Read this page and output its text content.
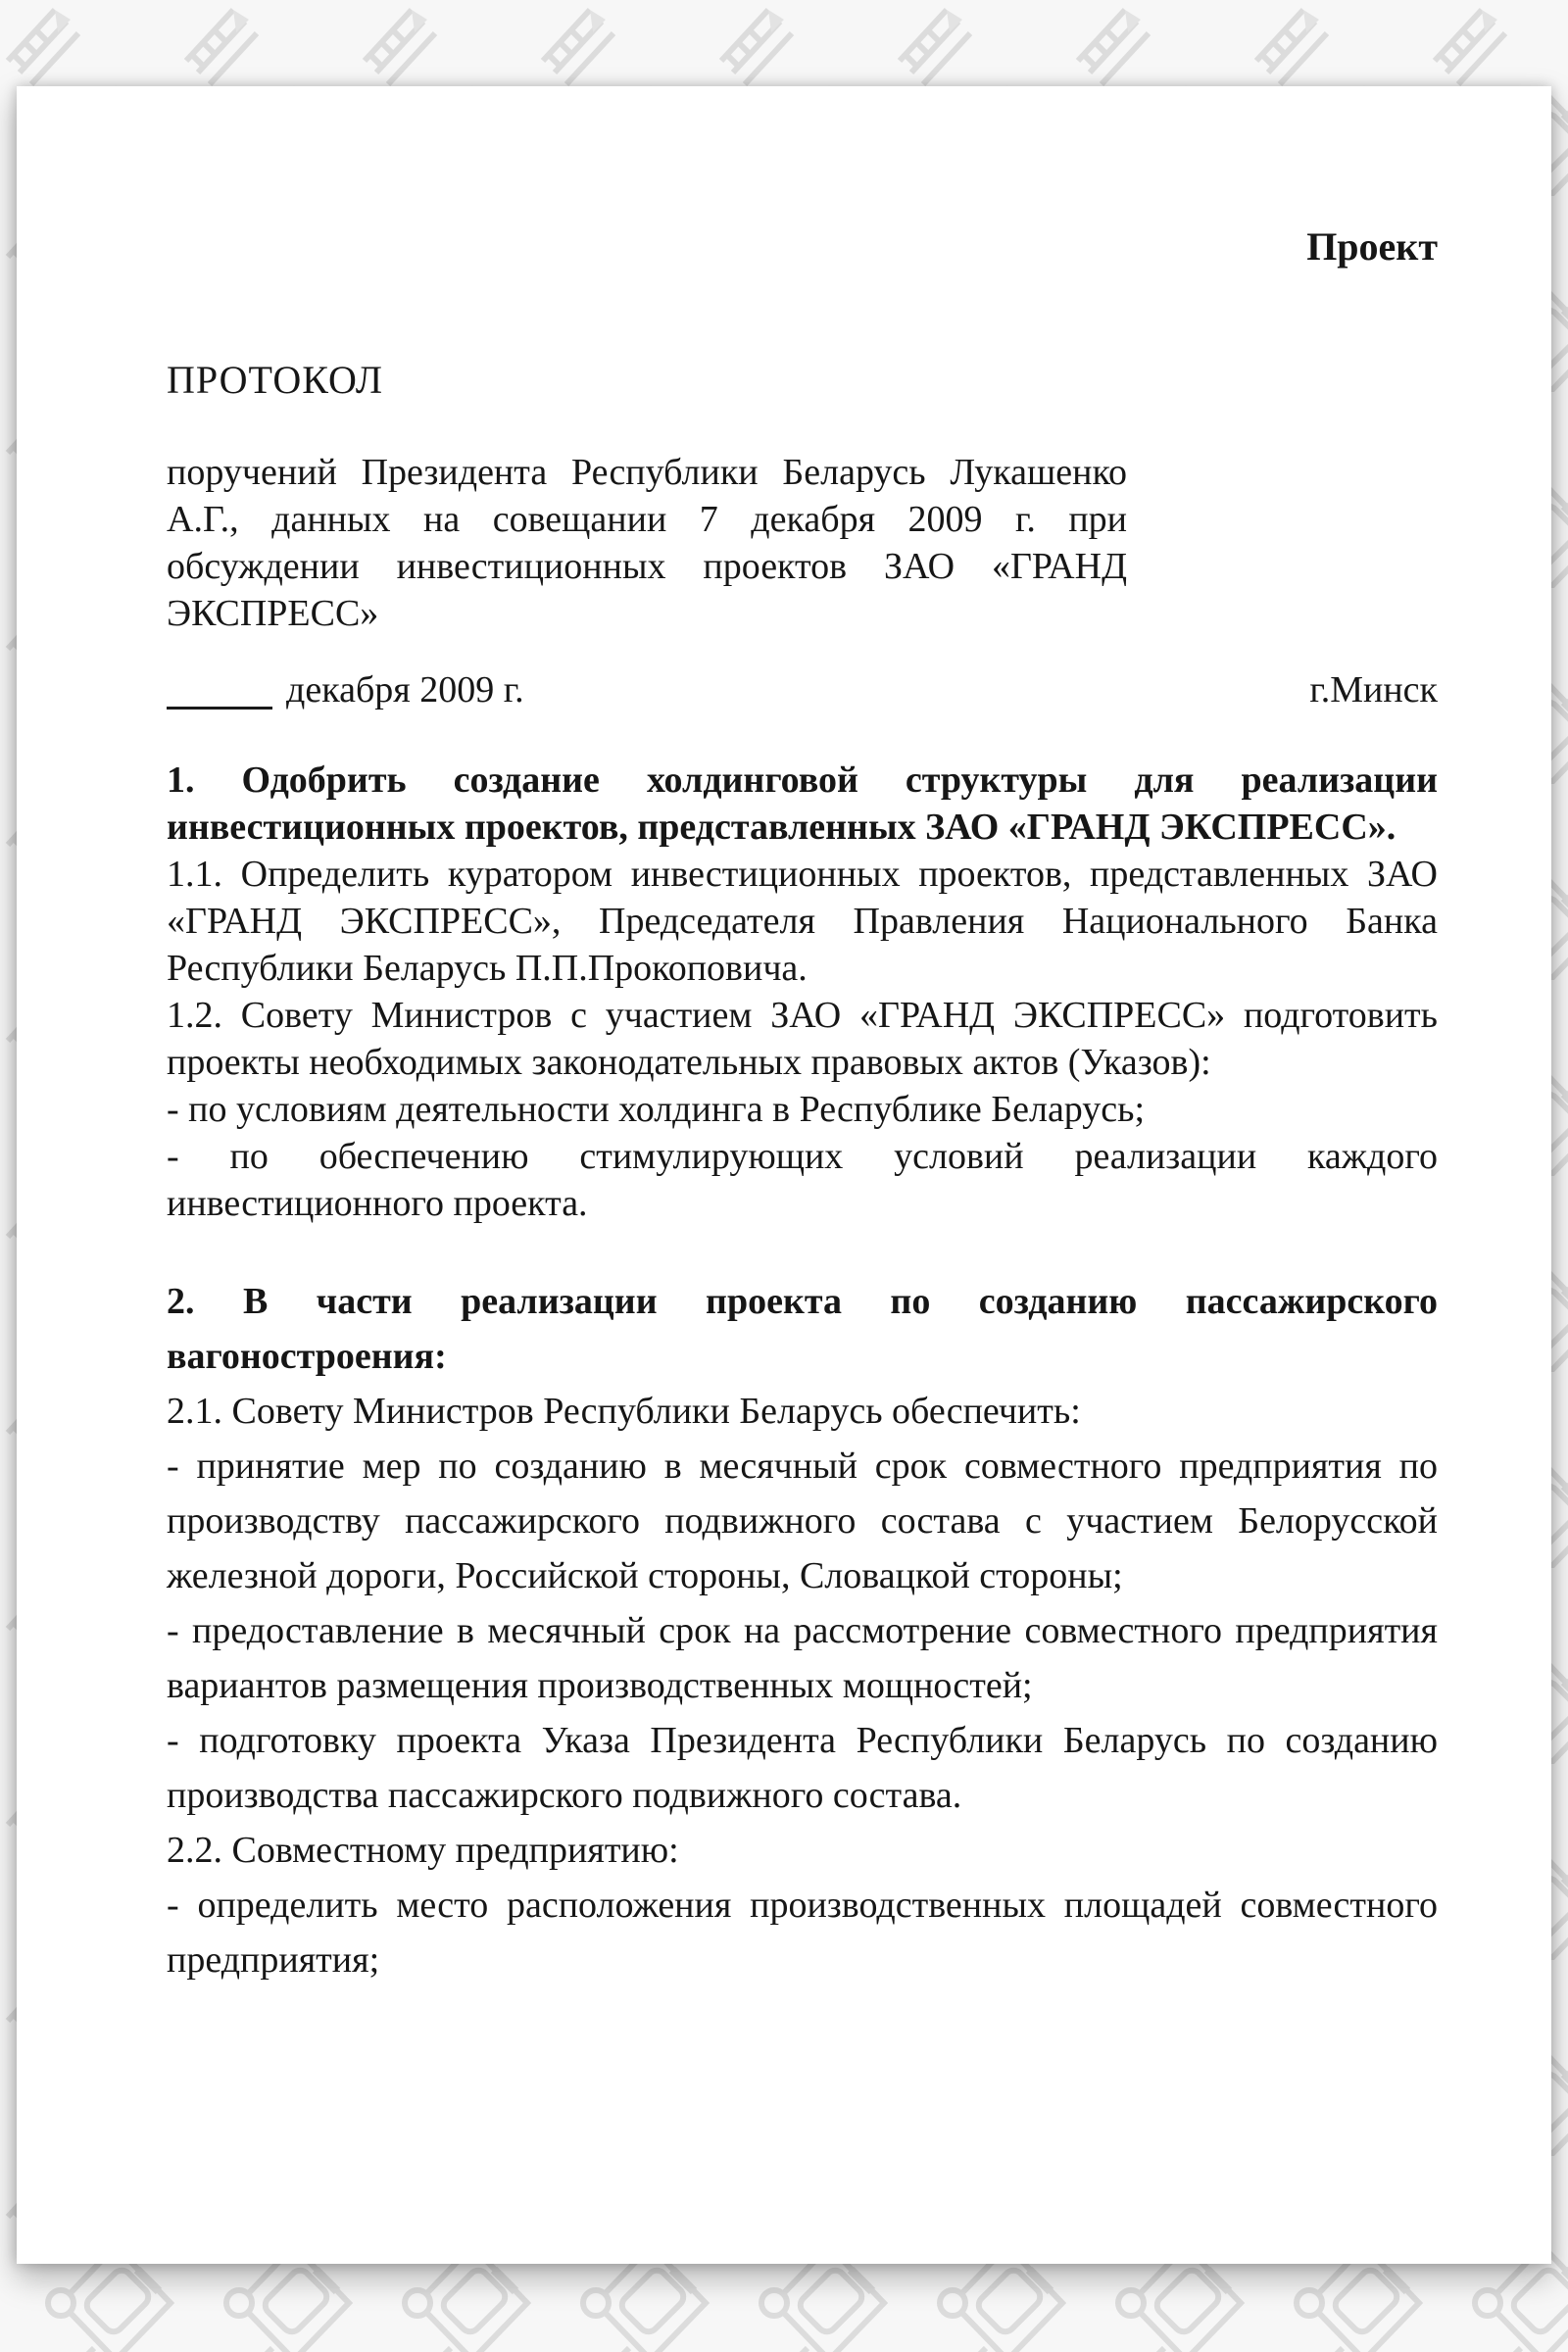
Проект
ПРОТОКОЛ

поручений Президента Республики Беларусь Лукашенко А.Г., данных на совещании 7 декабря 2009 г. при обсуждении инвестиционных проектов ЗАО «ГРАНД ЭКСПРЕСС»

декабря 2009 г.	г.Минск

1. Одобрить создание холдинговой структуры для реализации инвестиционных проектов, представленных ЗАО «ГРАНД ЭКСПРЕСС».

1.1. Определить куратором инвестиционных проектов, представленных ЗАО «ГРАНД ЭКСПРЕСС», Председателя Правления Национального Банка Республики Беларусь П.П.Прокоповича.

1.2. Совету Министров с участием ЗАО «ГРАНД ЭКСПРЕСС» подготовить проекты необходимых законодательных правовых актов (Указов):

- по условиям деятельности холдинга в Республике Беларусь;

- по обеспечению стимулирующих условий реализации каждого инвестиционного проекта.

2. В части реализации проекта по созданию пассажирского вагоностроения:

2.1. Совету Министров Республики Беларусь обеспечить:

- принятие мер по созданию в месячный срок совместного предприятия по производству пассажирского подвижного состава с участием Белорусской железной дороги, Российской стороны, Словацкой стороны;

- предоставление в месячный срок на рассмотрение совместного предприятия вариантов размещения производственных мощностей;

- подготовку проекта Указа Президента Республики Беларусь по созданию производства пассажирского подвижного состава.

2.2. Совместному предприятию:

- определить место расположения производственных площадей совместного предприятия;
